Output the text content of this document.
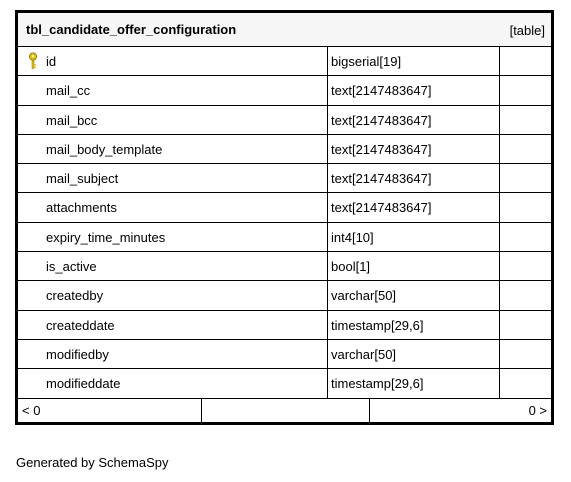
tbl_candidate_offer_configuration	[table]
id	bigserial[19]
mail_cc	text[2147483647]
mail_bcc	text[2147483647]
mail_body_template	text[2147483647]
mail_subject	text[2147483647]
attachments	text[2147483647]
expiry_time_minutes	int4[10]
is_active	bool[1]
createdby	varchar[50]
createddate	timestamp[29,6]
modifiedby	varchar[50]
modifieddate	timestamp[29,6]
< 0	0 >
Generated by SchemaSpy
